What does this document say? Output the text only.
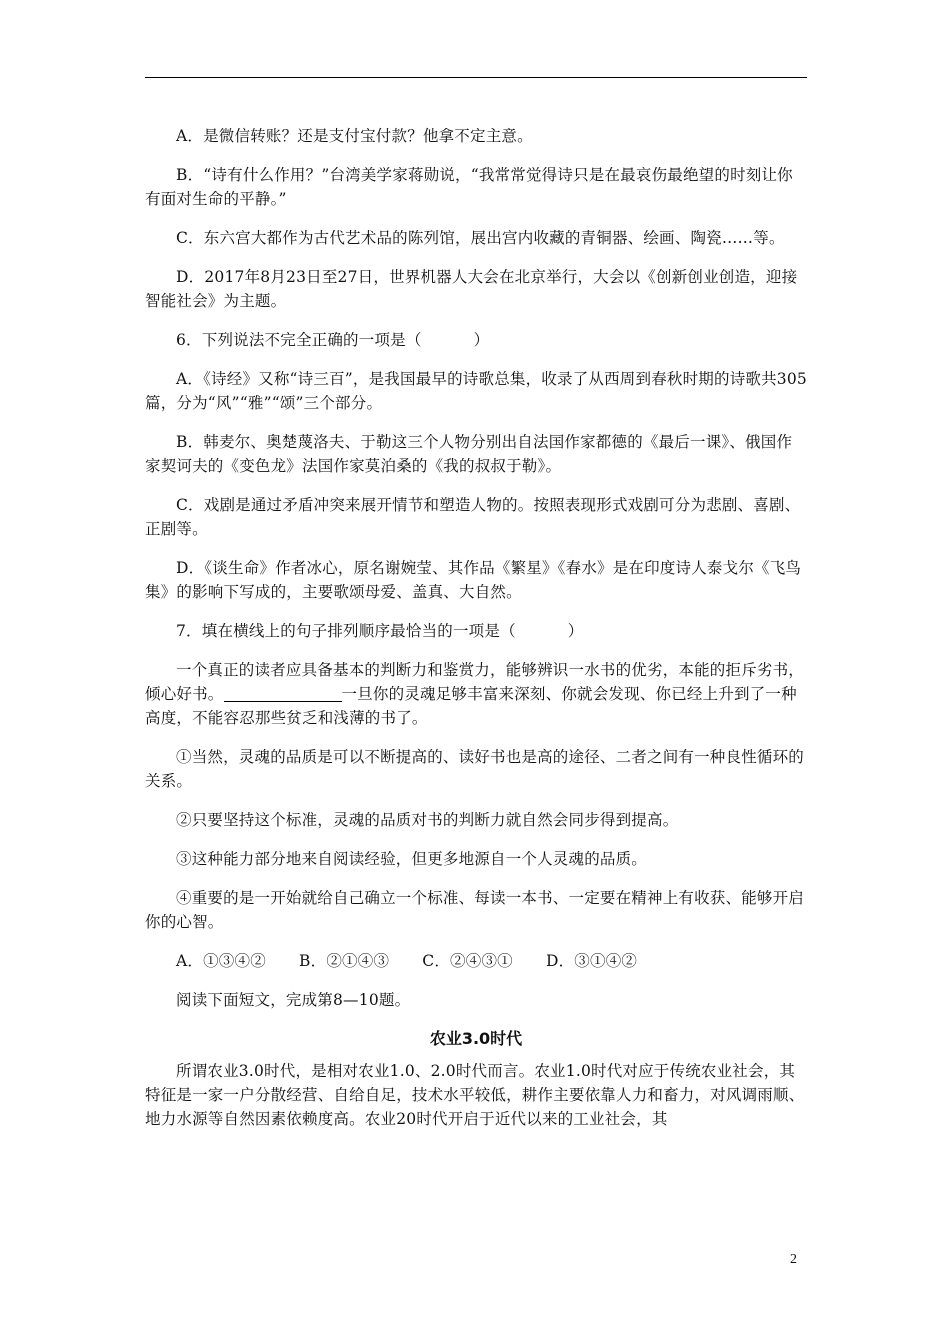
A．是微信转账？还是支付宝付款？他拿不定主意。

B．“诗有什么作用？”台湾美学家蒋勋说，“我常常觉得诗只是在最哀伤最绝望的时刻让你有面对生命的平静。”

C．东六宫大都作为古代艺术品的陈列馆，展出宫内收藏的青铜器、绘画、陶瓷……等。

D．2017年8月23日至27日，世界机器人大会在北京举行，大会以《创新创业创造，迎接智能社会》为主题。

6．下列说法不完全正确的一项是（	）

A．《诗经》又称“诗三百”，是我国最早的诗歌总集，收录了从西周到春秋时期的诗歌共305篇，分为“风”“雅”“颂”三个部分。

B．韩麦尔、奥楚蔑洛夫、于勒这三个人物分别出自法国作家都德的《最后一课》、俄国作家契诃夫的《变色龙》法国作家莫泊桑的《我的叔叔于勒》。

C．戏剧是通过矛盾冲突来展开情节和塑造人物的。按照表现形式戏剧可分为悲剧、喜剧、正剧等。

D．《谈生命》作者冰心，原名谢婉莹、其作品《繁星》《春水》是在印度诗人泰戈尔《飞鸟集》的影响下写成的，主要歌颂母爱、盖真、大自然。

7．填在横线上的句子排列顺序最恰当的一项是（	）

一个真正的读者应具备基本的判断力和鉴赏力，能够辨识一水书的优劣，本能的拒斥劣书，倾心好书。	一旦你的灵魂足够丰富来深刻、你就会发现、你已经上升到了一种高度，不能容忍那些贫乏和浅薄的书了。

①当然，灵魂的品质是可以不断提高的、读好书也是高的途径、二者之间有一种良性循环的关系。

②只要坚持这个标准，灵魂的品质对书的判断力就自然会同步得到提高。

③这种能力部分地来自阅读经验，但更多地源自一个人灵魂的品质。

④重要的是一开始就给自己确立一个标准、每读一本书、一定要在精神上有收获、能够开启你的心智。

A．①③④② B．②①④③ C．②④③① D．③①④②

阅读下面短文，完成第8—10题。

农业3.0时代

所谓农业3.0时代，是相对农业1.0、2.0时代而言。农业1.0时代对应于传统农业社会，其特征是一家一户分散经营、自给自足，技术水平较低，耕作主要依靠人力和畜力，对风调雨顺、地力水源等自然因素依赖度高。农业20时代开启于近代以来的工业社会，其

2
